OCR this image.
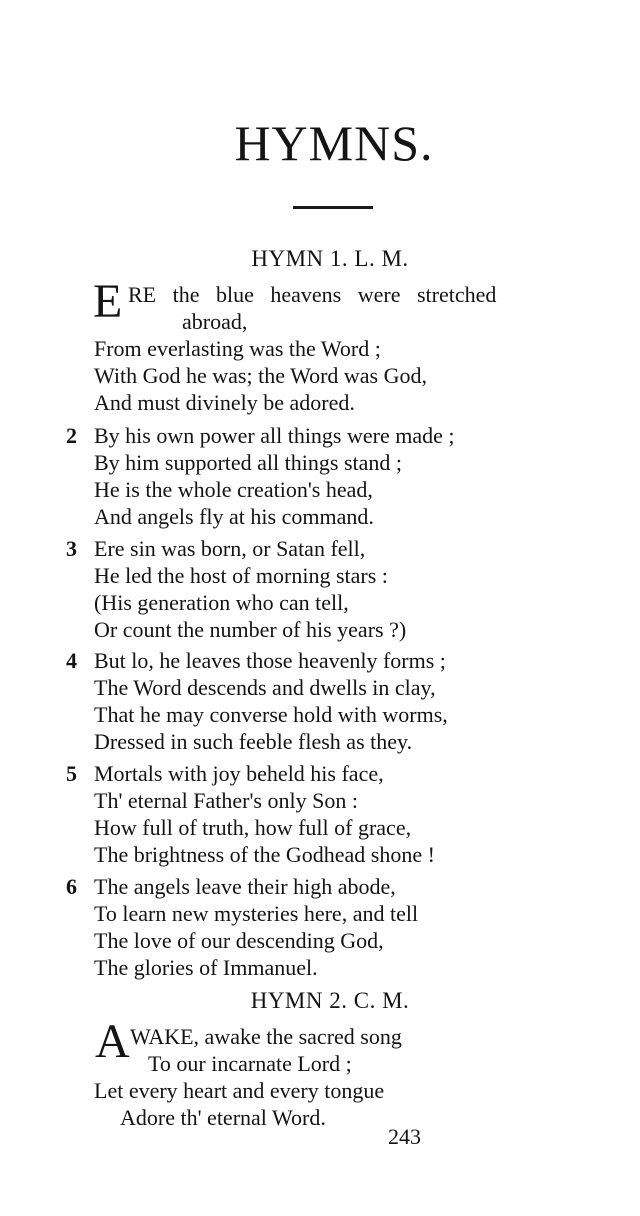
HYMNS.
HYMN 1. L. M.
E RE the blue heavens were stretched
abroad,
From everlasting was the Word ;
With God he was; the Word was God,
And must divinely be adored.
2 By his own power all things were made ;
By him supported all things stand ;
He is the whole creation's head,
And angels fly at his command.
3 Ere sin was born, or Satan fell,
He led the host of morning stars :
(His generation who can tell,
Or count the number of his years ?)
4 But lo, he leaves those heavenly forms ;
The Word descends and dwells in clay,
That he may converse hold with worms,
Dressed in such feeble flesh as they.
5 Mortals with joy beheld his face,
Th' eternal Father's only Son :
How full of truth, how full of grace,
The brightness of the Godhead shone !
6 The angels leave their high abode,
To learn new mysteries here, and tell
The love of our descending God,
The glories of Immanuel.
HYMN 2. C. M.
A WAKE, awake the sacred song
To our incarnate Lord ;
Let every heart and every tongue
Adore th' eternal Word.
243
